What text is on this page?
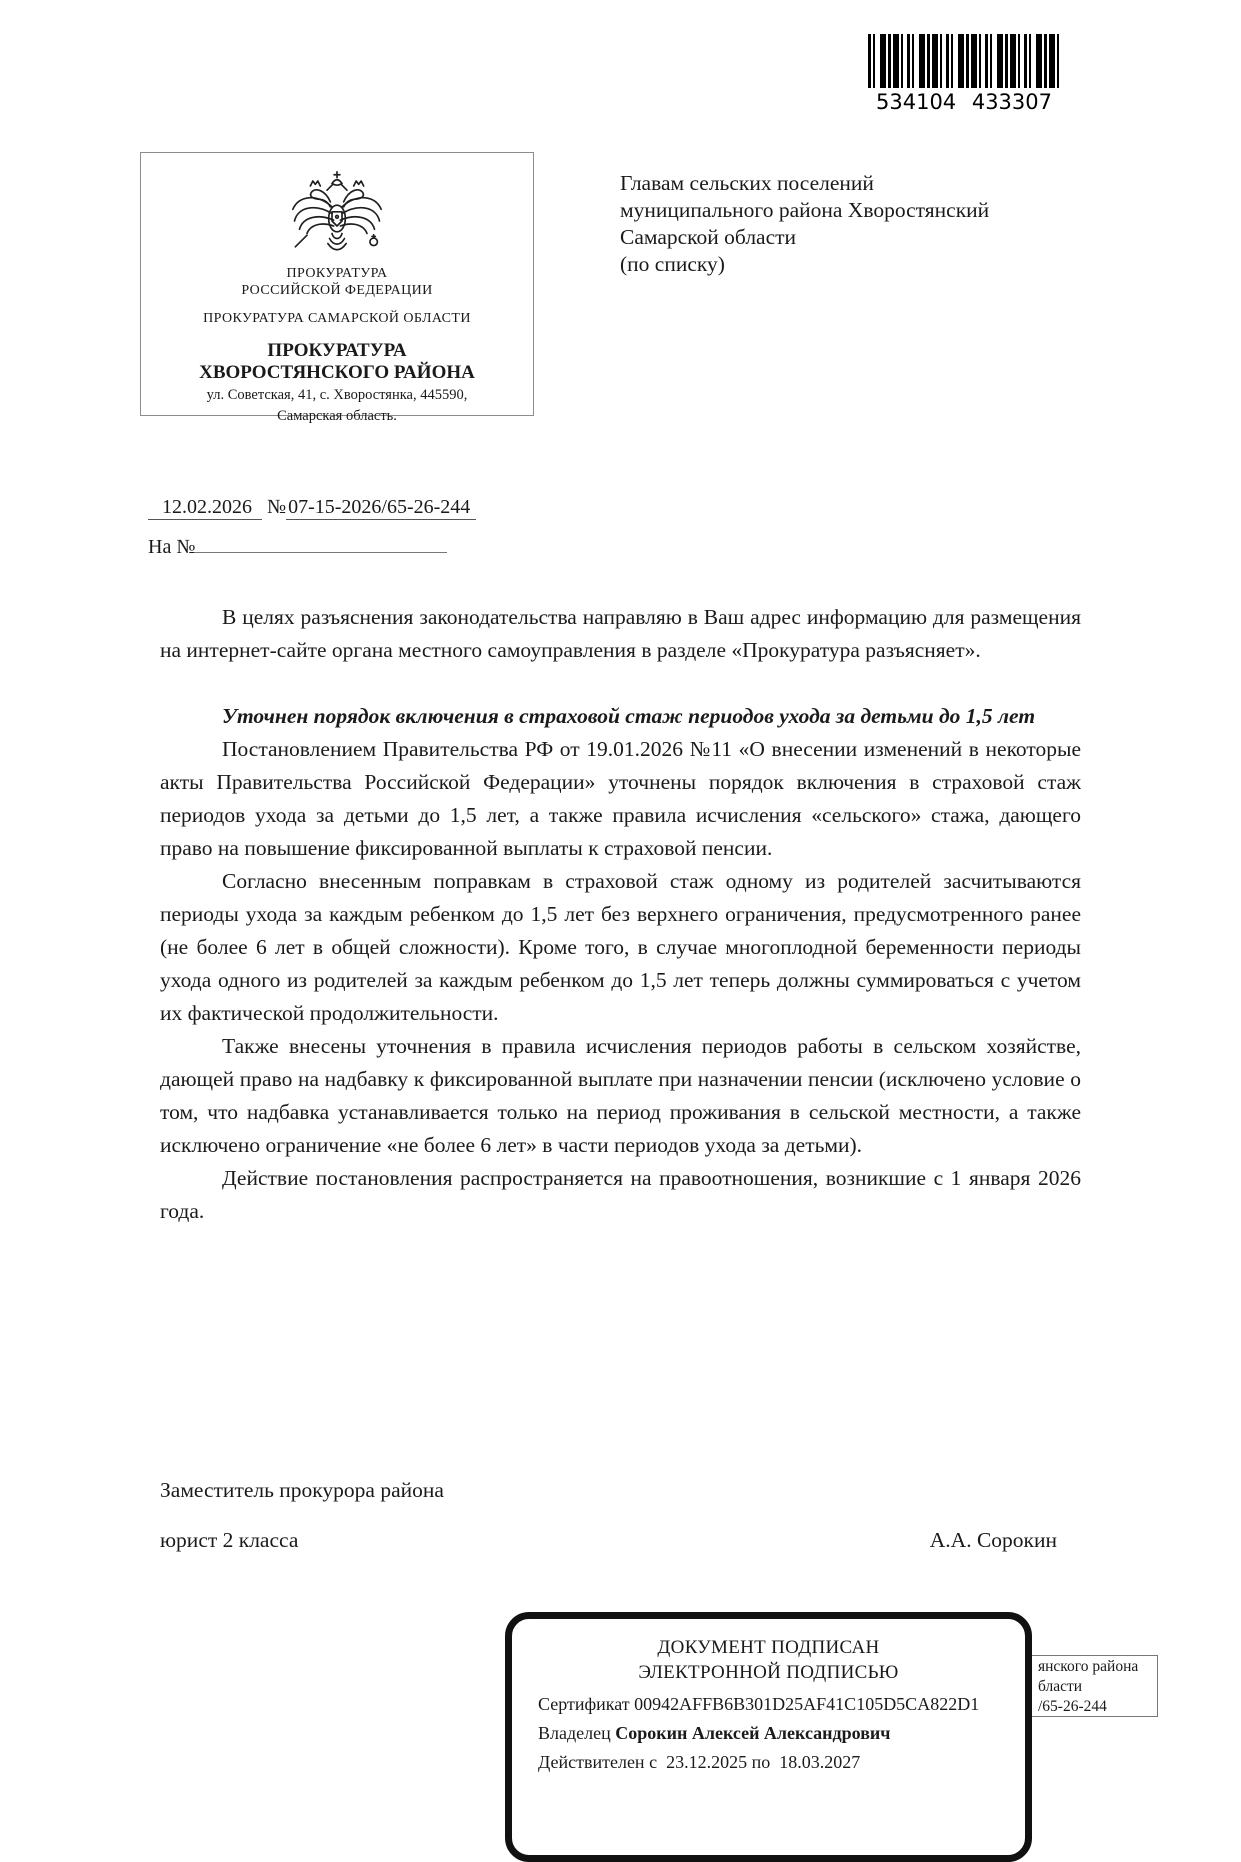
534104 433307
ПРОКУРАТУРА
РОССИЙСКОЙ ФЕДЕРАЦИИ
ПРОКУРАТУРА САМАРСКОЙ ОБЛАСТИ
ПРОКУРАТУРА
ХВОРОСТЯНСКОГО РАЙОНА
ул. Советская, 41, с. Хворостянка, 445590,
Самарская область.
Главам сельских поселений
муниципального района Хворостянский
Самарской области
(по списку)
12.02.2026 № 07-15-2026/65-26-244
На №

В целях разъяснения законодательства направляю в Ваш адрес информацию для размещения на интернет-сайте органа местного самоуправления в разделе «Прокуратура разъясняет».

Уточнен порядок включения в страховой стаж периодов ухода за детьми до 1,5 лет

Постановлением Правительства РФ от 19.01.2026 №11 «О внесении изменений в некоторые акты Правительства Российской Федерации» уточнены порядок включения в страховой стаж периодов ухода за детьми до 1,5 лет, а также правила исчисления «сельского» стажа, дающего право на повышение фиксированной выплаты к страховой пенсии.

Согласно внесенным поправкам в страховой стаж одному из родителей засчитываются периоды ухода за каждым ребенком до 1,5 лет без верхнего ограничения, предусмотренного ранее (не более 6 лет в общей сложности). Кроме того, в случае многоплодной беременности периоды ухода одного из родителей за каждым ребенком до 1,5 лет теперь должны суммироваться с учетом их фактической продолжительности.

Также внесены уточнения в правила исчисления периодов работы в сельском хозяйстве, дающей право на надбавку к фиксированной выплате при назначении пенсии (исключено условие о том, что надбавка устанавливается только на период проживания в сельской местности, а также исключено ограничение «не более 6 лет» в части периодов ухода за детьми).

Действие постановления распространяется на правоотношения, возникшие с 1 января 2026 года.

Заместитель прокурора района
юрист 2 класса	А.А. Сорокин
янского района
бласти
/65-26-244
ДОКУМЕНТ ПОДПИСАН
ЭЛЕКТРОННОЙ ПОДПИСЬЮ
Сертификат 00942AFFB6B301D25AF41C105D5CA822D1
Владелец Сорокин Алексей Александрович
Действителен с 23.12.2025 по 18.03.2027
